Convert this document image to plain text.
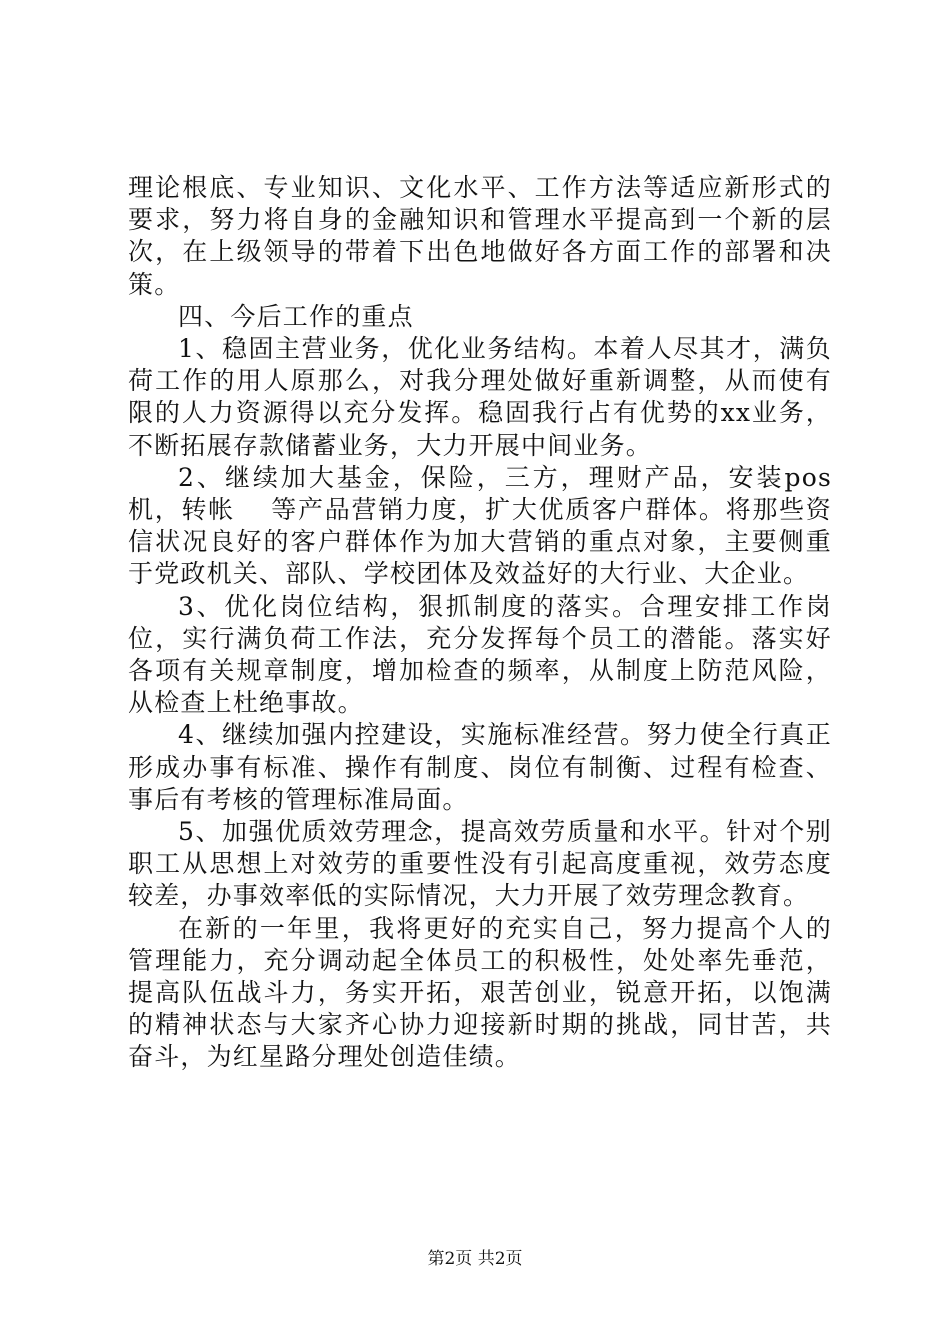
理论根底、专业知识、文化水平、工作方法等适应新形式的要求，努力将自身的金融知识和管理水平提高到一个新的层次，在上级领导的带着下出色地做好各方面工作的部署和决策。

四、今后工作的重点

1、稳固主营业务，优化业务结构。本着人尽其才，满负荷工作的用人原那么，对我分理处做好重新调整，从而使有限的人力资源得以充分发挥。稳固我行占有优势的xx业务，不断拓展存款储蓄业务，大力开展中间业务。

2、继续加大基金，保险，三方，理财产品，安装pos机，转帐　 等产品营销力度，扩大优质客户群体。将那些资信状况良好的客户群体作为加大营销的重点对象，主要侧重于党政机关、部队、学校团体及效益好的大行业、大企业。

3、优化岗位结构，狠抓制度的落实。合理安排工作岗位，实行满负荷工作法，充分发挥每个员工的潜能。落实好各项有关规章制度，增加检查的频率，从制度上防范风险，从检查上杜绝事故。

4、继续加强内控建设，实施标准经营。努力使全行真正形成办事有标准、操作有制度、岗位有制衡、过程有检查、事后有考核的管理标准局面。

5、加强优质效劳理念，提高效劳质量和水平。针对个别职工从思想上对效劳的重要性没有引起高度重视，效劳态度较差，办事效率低的实际情况，大力开展了效劳理念教育。

在新的一年里，我将更好的充实自己，努力提高个人的管理能力，充分调动起全体员工的积极性，处处率先垂范，提高队伍战斗力，务实开拓，艰苦创业，锐意开拓，以饱满的精神状态与大家齐心协力迎接新时期的挑战，同甘苦，共奋斗，为红星路分理处创造佳绩。

第2页 共2页
